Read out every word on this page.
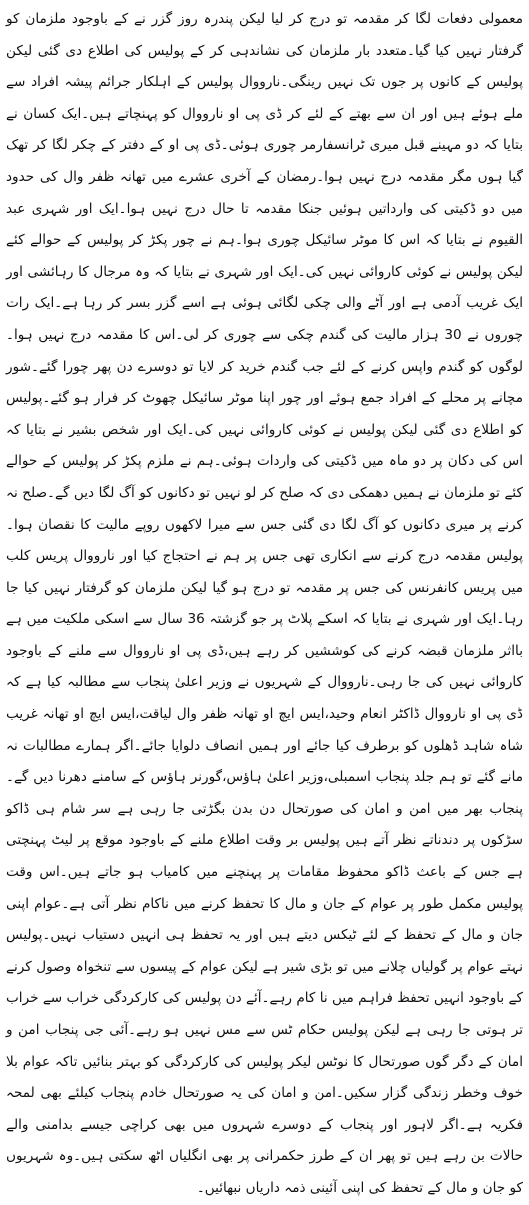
معمولی دفعات لگا کر مقدمہ تو درج کر لیا لیکن پندرہ روز گزر نے کے باوجود ملزمان کو گرفتار نہیں کیا گیا۔متعدد بار ملزمان کی نشاندہی کر کے پولیس کی اطلاع دی گئی لیکن پولیس کے کانوں پر جوں تک نہیں رینگی۔نارووال پولیس کے اہلکار جرائم پیشہ افراد سے ملے ہوئے ہیں اور ان سے بھتے کے لئے کر ڈی پی او نارووال کو پہنچاتے ہیں۔ایک کسان نے بتایا کہ دو مہینے قبل میری ٹرانسفارمر چوری ہوئی۔ڈی پی او کے دفتر کے چکر لگا کر تھک گیا ہوں مگر مقدمہ درج نہیں ہوا۔رمضان کے آخری عشرے میں تھانہ ظفر وال کی حدود میں دو ڈکیتی کی وارداتیں ہوئیں جنکا مقدمہ تا حال درج نہیں ہوا۔ایک اور شہری عبد القیوم نے بتایا کہ اس کا موٹر سائیکل چوری ہوا۔ہم نے چور پکڑ کر پولیس کے حوالے کئے لیکن پولیس نے کوئی کاروائی نہیں کی۔ایک اور شہری نے بتایا کہ وہ مرجال کا رہائشی اور ایک غریب آدمی ہے اور آٹے والی چکی لگائی ہوئی ہے اسے گزر بسر کر رہا ہے۔ایک رات چوروں نے 30 ہزار مالیت کی گندم چکی سے چوری کر لی۔اس کا مقدمہ درج نہیں ہوا۔لوگوں کو گندم واپس کرنے کے لئے جب گندم خرید کر لایا تو دوسرے دن پھر چورا گئے۔شور مچانے پر محلے کے افراد جمع ہوئے اور چور اپنا موٹر سائیکل چھوٹ کر فرار ہو گئے۔پولیس کو اطلاع دی گئی لیکن پولیس نے کوئی کاروائی نہیں کی۔ایک اور شخص بشیر نے بتایا کہ اس کی دکان پر دو ماہ میں ڈکیتی کی واردات ہوئی۔ہم نے ملزم پکڑ کر پولیس کے حوالے کئے تو ملزمان نے ہمیں دھمکی دی کہ صلح کر لو نہیں تو دکانوں کو آگ لگا دیں گے۔صلح نہ کرنے پر میری دکانوں کو آگ لگا دی گئی جس سے میرا لاکھوں روپے مالیت کا نقصان ہوا۔پولیس مقدمہ درج کرنے سے انکاری تھی جس پر ہم نے احتجاج کیا اور نارووال پریس کلب میں پریس کانفرنس کی جس پر مقدمہ تو درج ہو گیا لیکن ملزمان کو گرفتار نہیں کیا جا رہا۔ایک اور شہری نے بتایا کہ اسکے پلاٹ پر جو گزشتہ 36 سال سے اسکی ملکیت میں ہے بااثر ملزمان قبضہ کرنے کی کوششیں کر رہے ہیں،ڈی پی او نارووال سے ملنے کے باوجود کاروائی نہیں کی جا رہی۔نارووال کے شہریوں نے وزیر اعلیٰ پنجاب سے مطالبہ کیا ہے کہ ڈی پی او نارووال ڈاکٹر انعام وحید،ایس ایچ او تھانہ ظفر وال لیاقت،ایس ایچ او تھانہ غریب شاہ شاہد ڈھلوں کو برطرف کیا جائے اور ہمیں انصاف دلوایا جائے۔اگر ہمارے مطالبات نہ مانے گئے تو ہم جلد پنجاب اسمبلی،وزیر اعلیٰ ہاؤس،گورنر ہاؤس کے سامنے دھرنا دیں گے۔پنجاب بھر میں امن و امان کی صورتحال دن بدن بگڑتی جا رہی ہے سر شام ہی ڈاکو سڑکوں پر دندناتے نظر آتے ہیں پولیس بر وقت اطلاع ملنے کے باوجود موقع پر لیٹ پہنچتی ہے جس کے باعث ڈاکو محفوظ مقامات پر پہنچنے میں کامیاب ہو جاتے ہیں۔اس وقت پولیس مکمل طور پر عوام کے جان و مال کا تحفظ کرنے میں ناکام نظر آتی ہے۔عوام اپنی جان و مال کے تحفظ کے لئے ٹیکس دیتے ہیں اور یہ تحفظ ہی انہیں دستیاب نہیں۔پولیس نہتے عوام پر گولیاں چلانے میں تو بڑی شیر ہے لیکن عوام کے پیسوں سے تنخواہ وصول کرنے کے باوجود انہیں تحفظ فراہم میں نا کام رہے۔آئے دن پولیس کی کارکردگی خراب سے خراب تر ہوتی جا رہی ہے لیکن پولیس حکام ٹس سے مس نہیں ہو رہے۔آئی جی پنجاب امن و امان کے دگر گوں صورتحال کا نوٹس لیکر پولیس کی کارکردگی کو بہتر بنائیں تاکہ عوام بلا خوف وخطر زندگی گزار سکیں۔امن و امان کی یہ صورتحال خادم پنجاب کیلئے بھی لمحہ فکریہ ہے۔اگر لاہور اور پنجاب کے دوسرے شہروں میں بھی کراچی جیسے بدامنی والے حالات بن رہے ہیں تو پھر ان کے طرز حکمرانی پر بھی انگلیاں اٹھ سکتی ہیں۔وہ شہریوں کو جان و مال کے تحفظ کی اپنی آئینی ذمہ داریاں نبھائیں۔
